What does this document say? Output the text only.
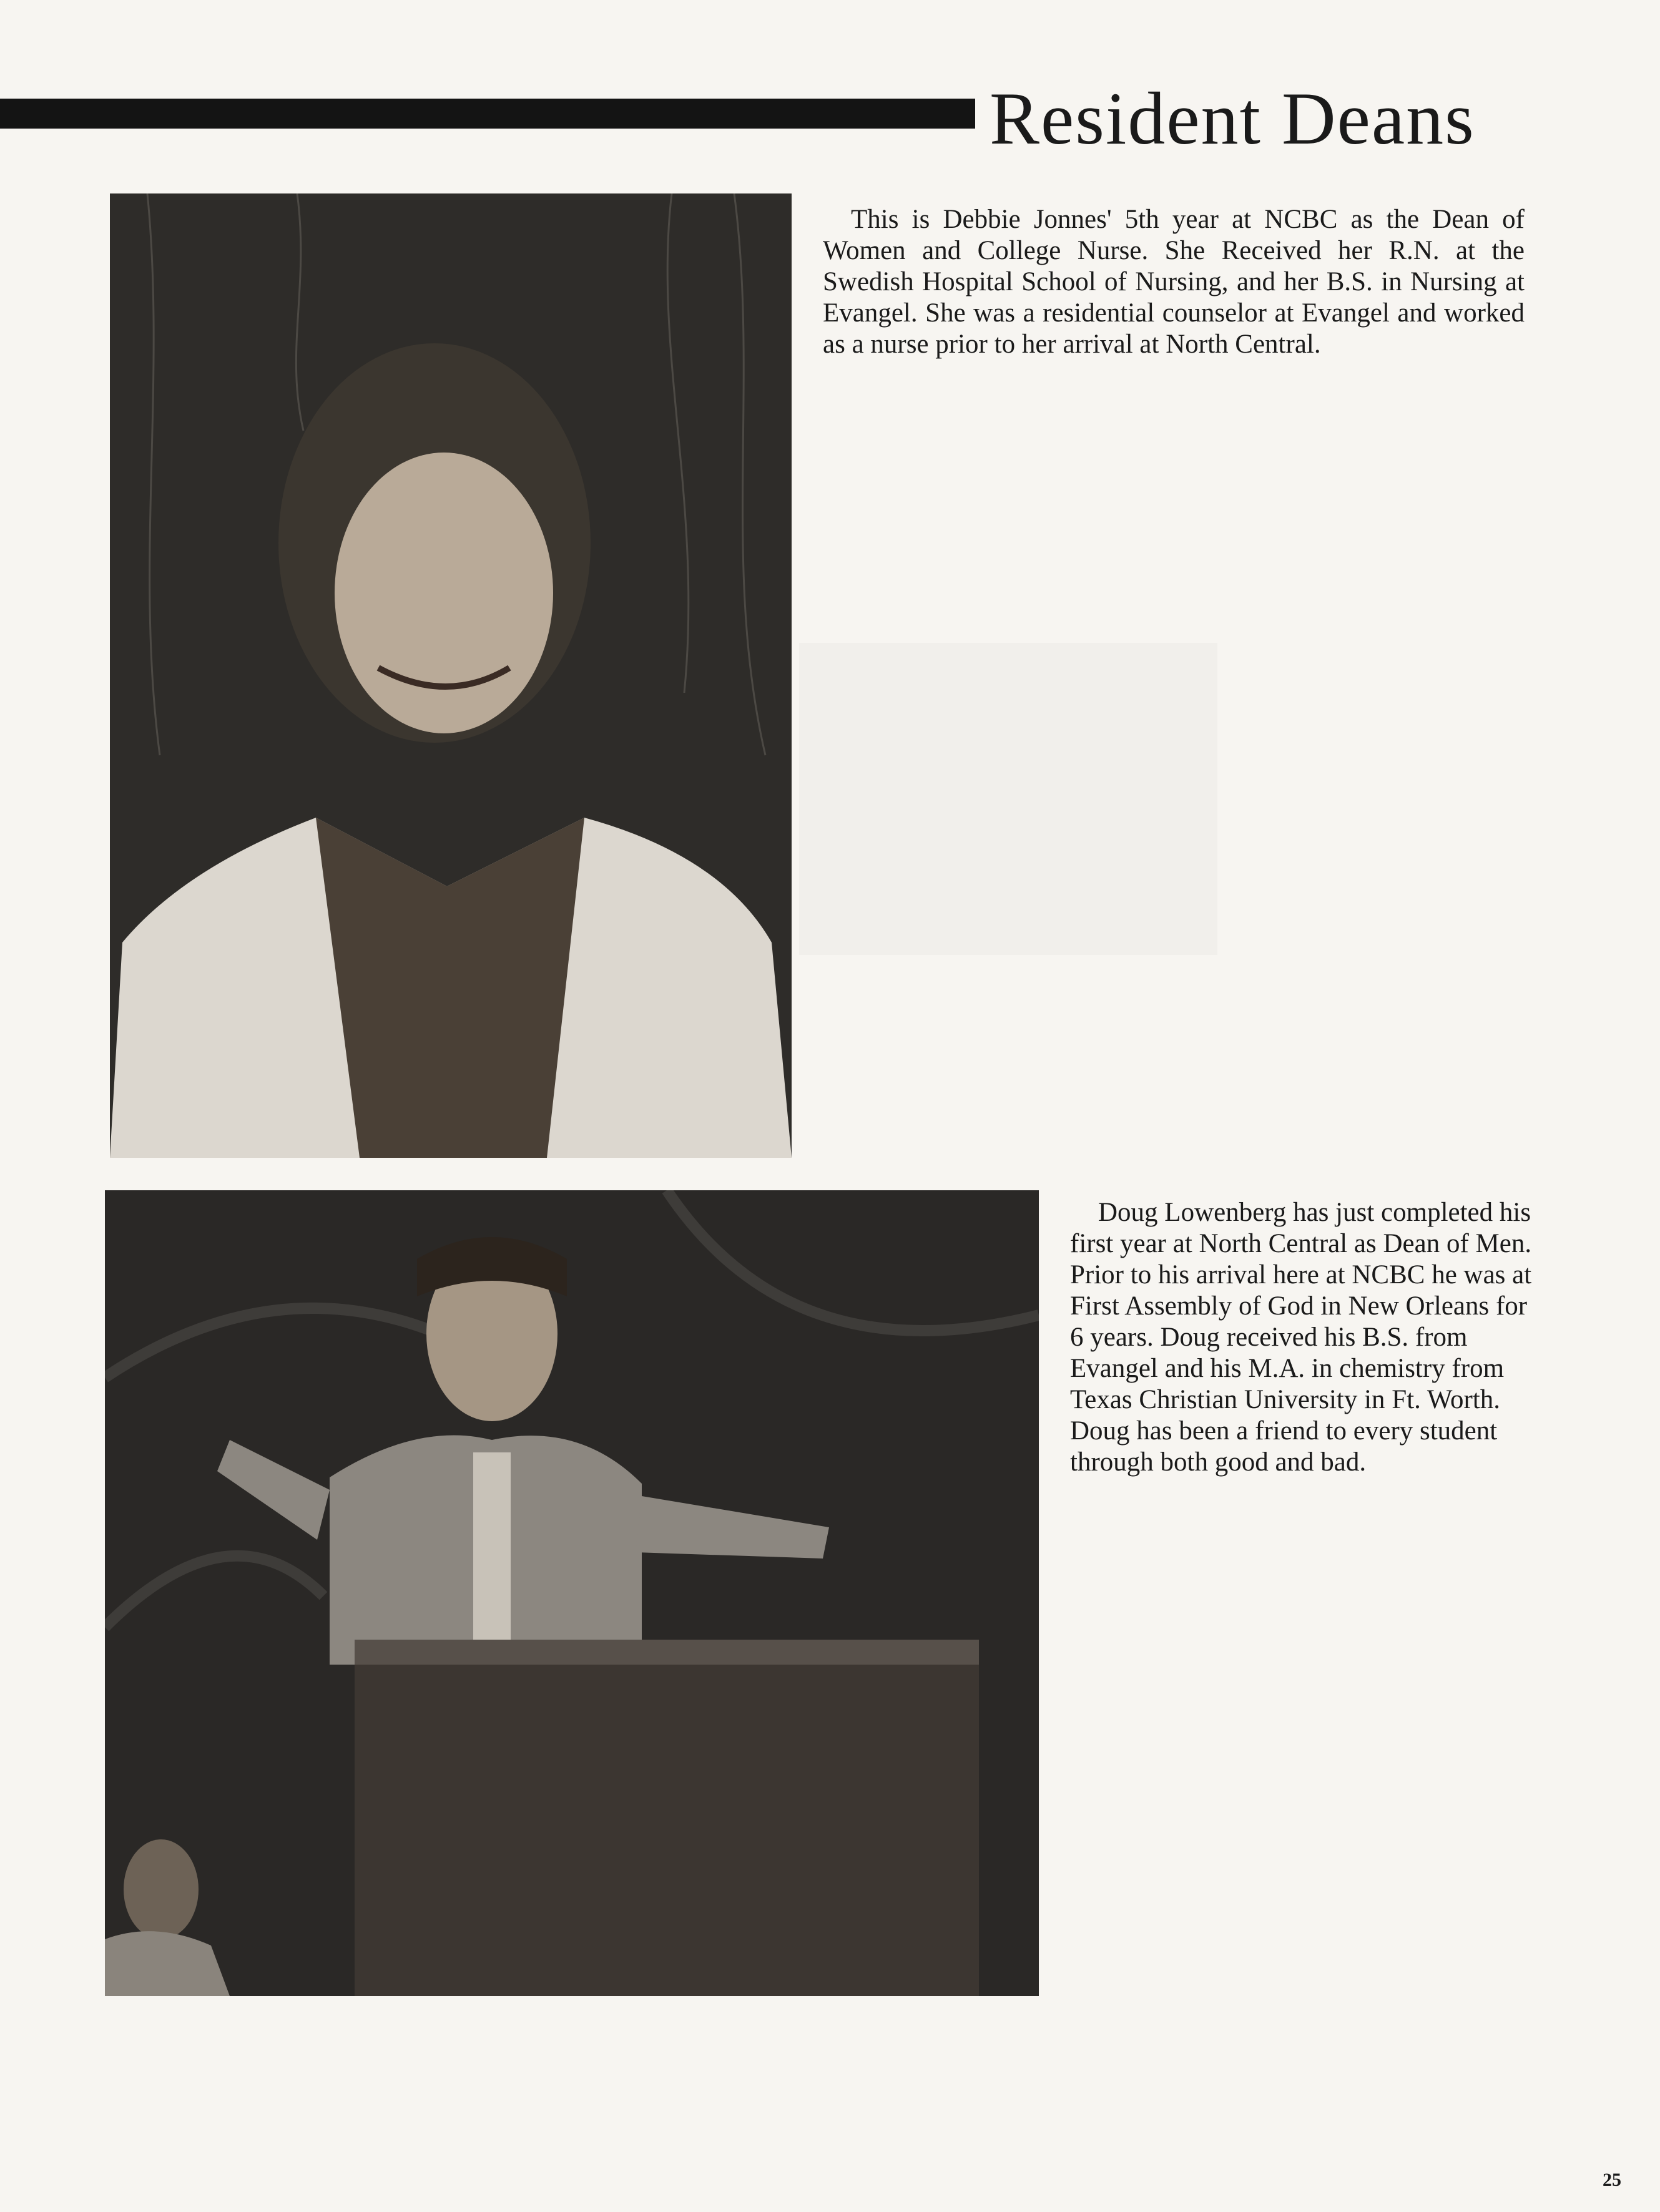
Resident Deans

This is Debbie Jonnes' 5th year at NCBC as the Dean of Women and College Nurse. She Received her R.N. at the Swedish Hospital School of Nursing, and her B.S. in Nursing at Evangel. She was a residential counselor at Evangel and worked as a nurse prior to her arrival at North Central.

Doug Lowenberg has just completed his first year at North Central as Dean of Men. Prior to his arrival here at NCBC he was at First Assembly of God in New Orleans for 6 years. Doug received his B.S. from Evangel and his M.A. in chemistry from Texas Christian University in Ft. Worth. Doug has been a friend to every student through both good and bad.

25
